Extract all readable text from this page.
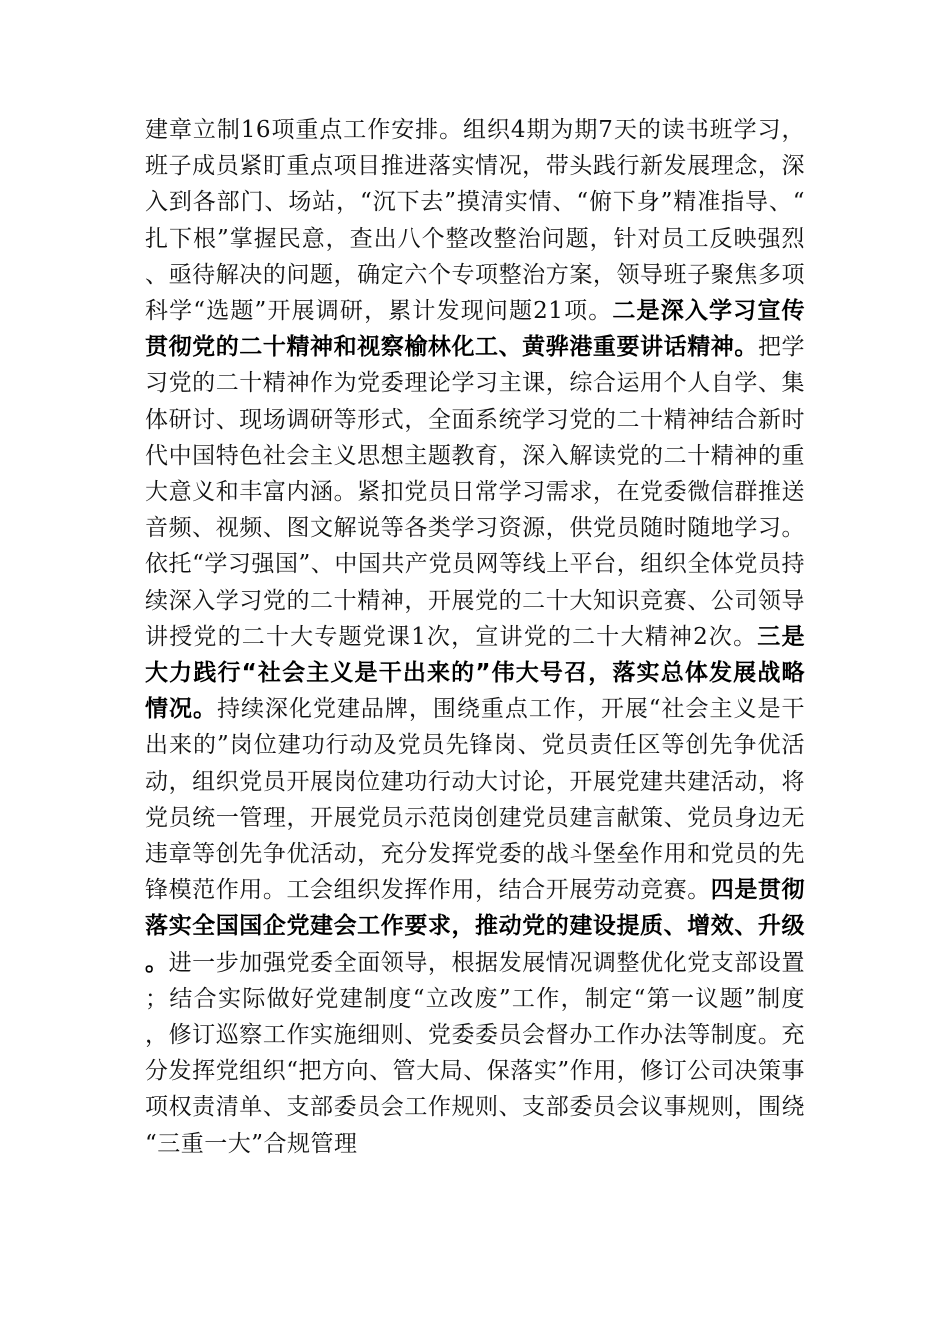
建章立制16项重点工作安排。组织4期为期7天的读书班学习，班子成员紧盯重点项目推进落实情况，带头践行新发展理念，深入到各部门、场站，“沉下去”摸清实情、“俯下身”精准指导、“扎下根”掌握民意，查出八个整改整治问题，针对员工反映强烈、亟待解决的问题，确定六个专项整治方案，领导班子聚焦多项科学“选题”开展调研，累计发现问题21项。二是深入学习宣传贯彻党的二十精神和视察榆林化工、黄骅港重要讲话精神。把学习党的二十精神作为党委理论学习主课，综合运用个人自学、集体研讨、现场调研等形式，全面系统学习党的二十精神结合新时代中国特色社会主义思想主题教育，深入解读党的二十精神的重大意义和丰富内涵。紧扣党员日常学习需求，在党委微信群推送音频、视频、图文解说等各类学习资源，供党员随时随地学习。依托“学习强国”、中国共产党员网等线上平台，组织全体党员持续深入学习党的二十精神，开展党的二十大知识竞赛、公司领导讲授党的二十大专题党课1次，宣讲党的二十大精神2次。三是大力践行“社会主义是干出来的”伟大号召，落实总体发展战略情况。持续深化党建品牌，围绕重点工作，开展“社会主义是干出来的”岗位建功行动及党员先锋岗、党员责任区等创先争优活动，组织党员开展岗位建功行动大讨论，开展党建共建活动，将党员统一管理，开展党员示范岗创建党员建言献策、党员身边无违章等创先争优活动，充分发挥党委的战斗堡垒作用和党员的先锋模范作用。工会组织发挥作用，结合开展劳动竞赛。四是贯彻落实全国国企党建会工作要求，推动党的建设提质、增效、升级。进一步加强党委全面领导，根据发展情况调整优化党支部设置；结合实际做好党建制度“立改废”工作，制定“第一议题”制度，修订巡察工作实施细则、党委委员会督办工作办法等制度。充分发挥党组织“把方向、管大局、保落实”作用，修订公司决策事项权责清单、支部委员会工作规则、支部委员会议事规则，围绕“三重一大”合规管理
